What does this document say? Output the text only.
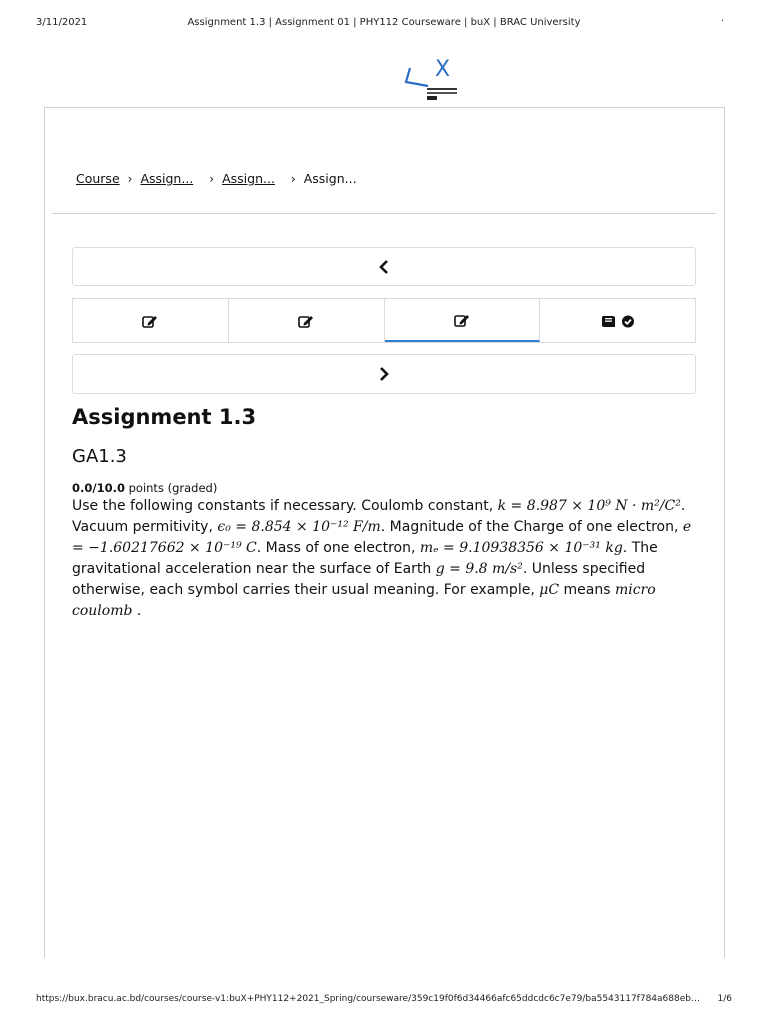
3/11/2021	Assignment 1.3 | Assignment 01 | PHY112 Courseware | buX | BRAC University	.
X
Course › Assign... › Assign... › Assign...
Assignment 1.3
GA1.3
0.0/10.0 points (graded)
Use the following constants if necessary. Coulomb constant, k = 8.987 × 10⁹ N · m²/C². Vacuum permitivity, ϵ₀ = 8.854 × 10⁻¹² F/m. Magnitude of the Charge of one electron, e = −1.60217662 × 10⁻¹⁹ C. Mass of one electron, mₑ = 9.10938356 × 10⁻³¹ kg. The gravitational acceleration near the surface of Earth g = 9.8 m/s². Unless specified otherwise, each symbol carries their usual meaning. For example, μC means micro coulomb .
https://bux.bracu.ac.bd/courses/course-v1:buX+PHY112+2021_Spring/courseware/359c19f0f6d34466afc65ddcdc6c7e79/ba5543117f784a688eb… 1/6
